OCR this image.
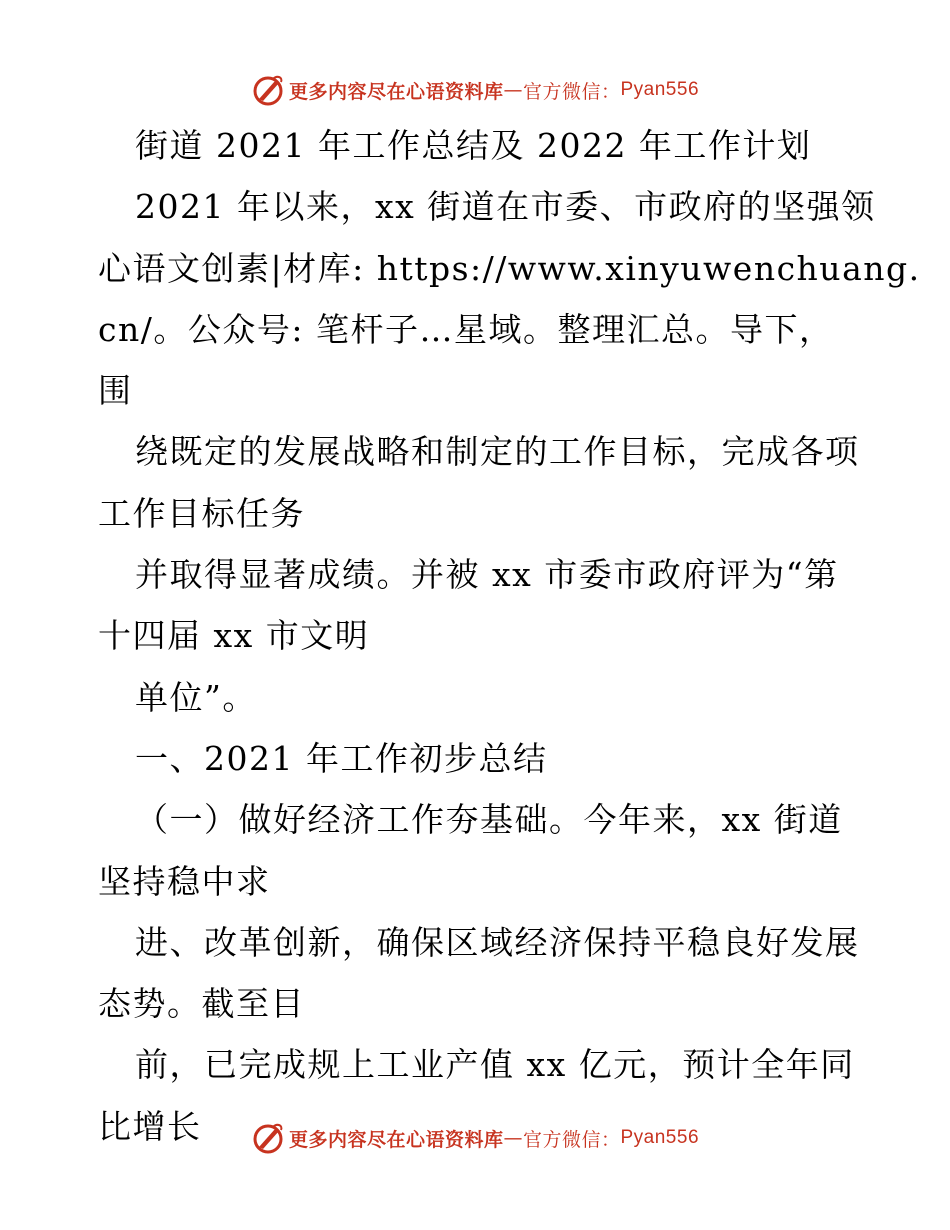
更多内容尽在心语资料库 — 官方微信： Pyan556
街道 2021 年工作总结及 2022 年工作计划
2021 年以来，xx 街道在市委、市政府的坚强领
心语文创素|材库: https://www.xinyuwenchuang.
cn/。公众号: 笔杆子…星域。整理汇总。导下，
围
绕既定的发展战略和制定的工作目标，完成各项
工作目标任务
并取得显著成绩。并被 xx 市委市政府评为“第
十四届 xx 市文明
单位”。
一、2021 年工作初步总结
（一）做好经济工作夯基础。今年来，xx 街道
坚持稳中求
进、改革创新，确保区域经济保持平稳良好发展
态势。截至目
前，已完成规上工业产值 xx 亿元，预计全年同
比增长	更多内容尽在心语资料库 — 官方微信： Pyan556
